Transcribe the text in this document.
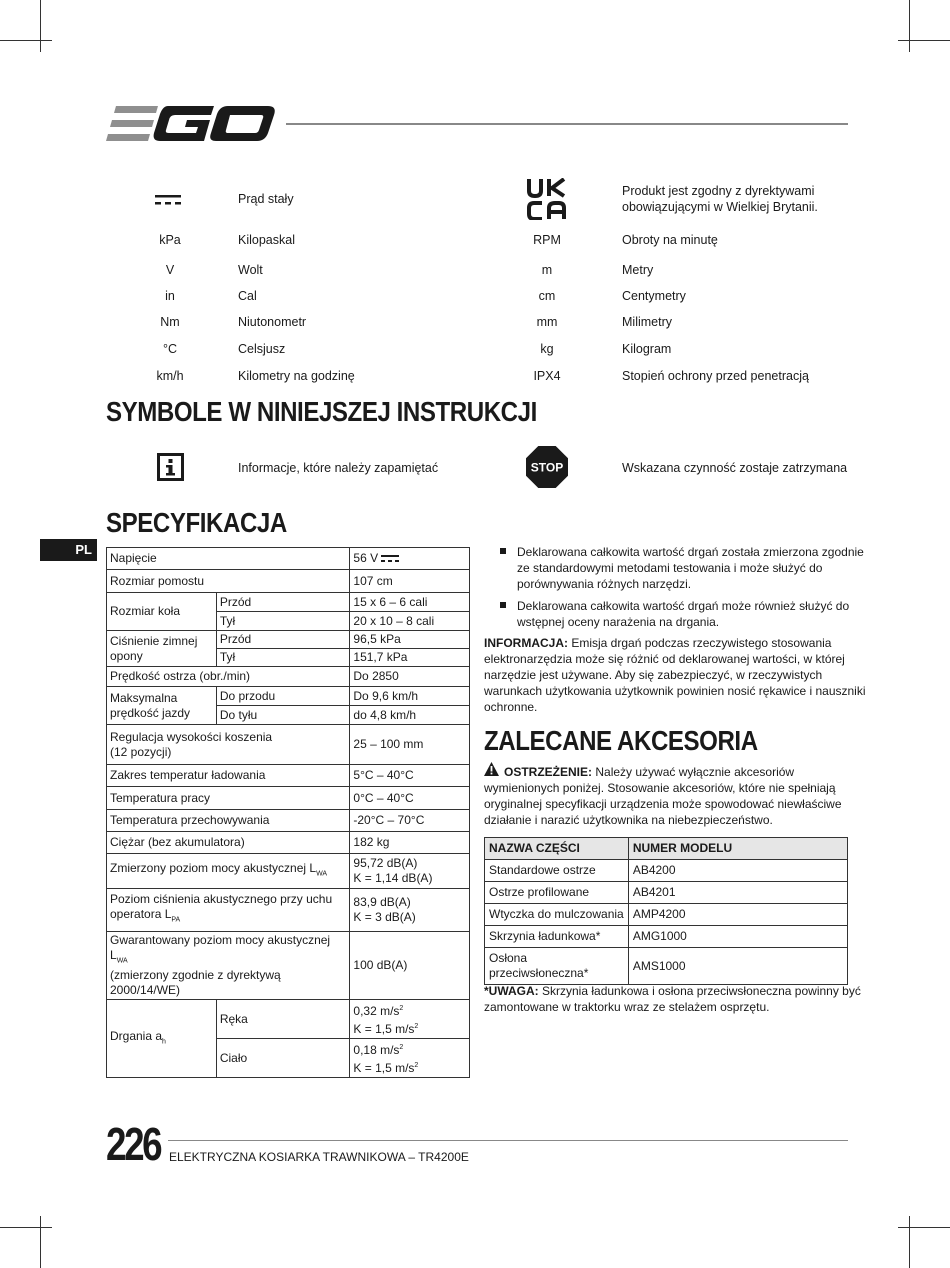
Prąd stały
kPa	Kilopaskal
V	Wolt
in	Cal
Nm	Niutonometr
°C	Celsjusz
km/h	Kilometry na godzinę
Produkt jest zgodny z dyrektywami
obowiązującymi w Wielkiej Brytanii.
RPM	Obroty na minutę
m	Metry
cm	Centymetry
mm	Milimetry
kg	Kilogram
IPX4	Stopień ochrony przed penetracją
SYMBOLE W NINIEJSZEJ INSTRUKCJI
Informacje, które należy zapamiętać	STOP	Wskazana czynność zostaje zatrzymana
SPECYFIKACJA
PL
Napięcie		56 V
Rozmiar pomostu		107 cm
Rozmiar koła	Przód	15 x 6 – 6 cali
	Tył	20 x 10 – 8 cali
Ciśnienie zimnej
opony	Przód	96,5 kPa
	Tył	151,7 kPa
Prędkość ostrza (obr./min)		Do 2850
Maksymalna
prędkość jazdy	Do przodu	Do 9,6 km/h
	Do tyłu	do 4,8 km/h
Regulacja wysokości koszenia
(12 pozycji)		25 – 100 mm
Zakres temperatur ładowania		5°C – 40°C
Temperatura pracy		0°C – 40°C
Temperatura przechowywania		-20°C – 70°C
Ciężar (bez akumulatora)		182 kg
Zmierzony poziom mocy akustycznej $L_{WA}$		95,72 dB(A)
K = 1,14 dB(A)
Poziom ciśnienia akustycznego przy uchu
operatora $L_{PA}$		83,9 dB(A)
K = 3 dB(A)
Gwarantowany poziom mocy akustycznej $L_{WA}$
(zmierzony zgodnie z dyrektywą 2000/14/WE)		100 dB(A)
Drgania $a_h$	Ręka	0,32 $m/s^2$
K = 1,5 $m/s^2$
	Ciało	0,18 $m/s^2$
K = 1,5 $m/s^2$
Deklarowana całkowita wartość drgań została zmierzona zgodnie
ze standardowymi metodami testowania i może służyć do
porównywania różnych narzędzi.
Deklarowana całkowita wartość drgań może również służyć do
wstępnej oceny narażenia na drgania.
INFORMACJA: Emisja drgań podczas rzeczywistego stosowania
elektronarzędzia może się różnić od deklarowanej wartości, w której
narzędzie jest używane. Aby się zabezpieczyć, w rzeczywistych
warunkach użytkowania użytkownik powinien nosić rękawice i nauszniki
ochronne.
ZALECANE AKCESORIA
OSTRZEŻENIE: Należy używać wyłącznie akcesoriów
wymienionych poniżej. Stosowanie akcesoriów, które nie spełniają
oryginalnej specyfikacji urządzenia może spowodować niewłaściwe
działanie i narazić użytkownika na niebezpieczeństwo.
NAZWA CZĘŚCI	NUMER MODELU
Standardowe ostrze	AB4200
Ostrze profilowane	AB4201
Wtyczka do mulczowania	AMP4200
Skrzynia ładunkowa*	AMG1000
Osłona przeciwsłoneczna*	AMS1000
*UWAGA: Skrzynia ładunkowa i osłona przeciwsłoneczna powinny być
zamontowane w traktorku wraz ze stelażem osprzętu.
226 ELEKTRYCZNA KOSIARKA TRAWNIKOWA – TR4200E
